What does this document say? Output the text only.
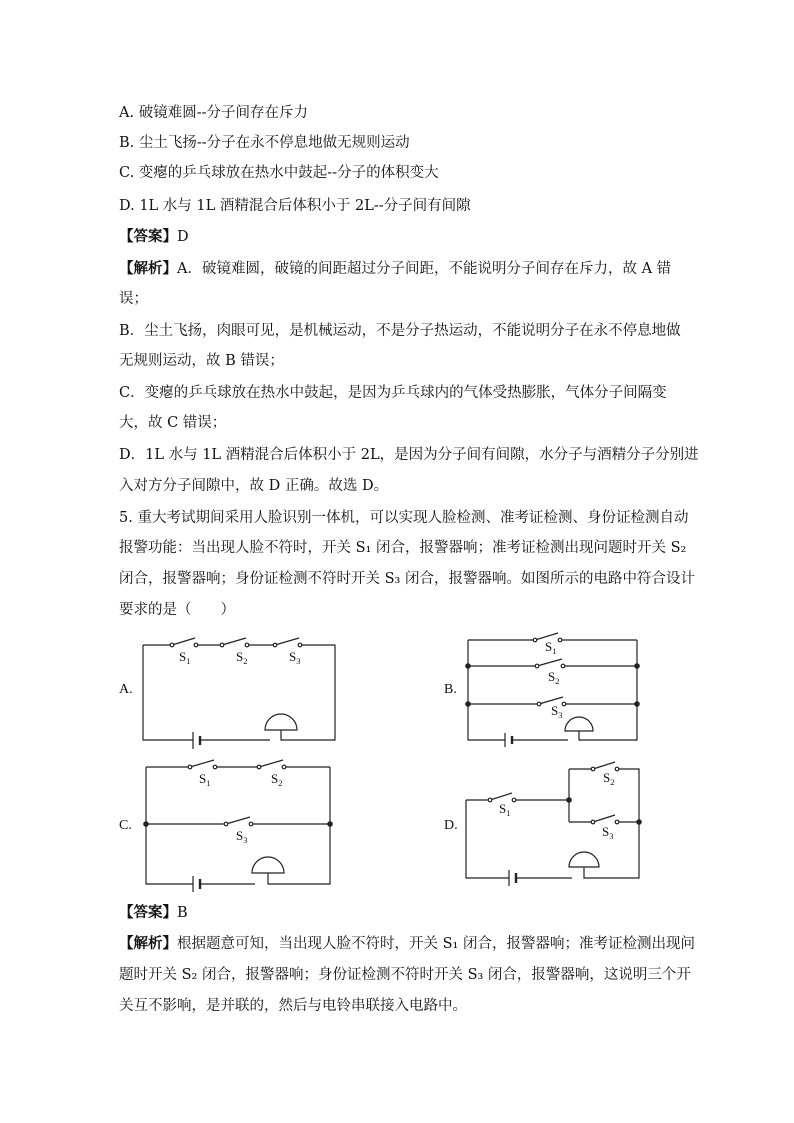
A. 破镜难圆--分子间存在斥力
B. 尘土飞扬--分子在永不停息地做无规则运动
C. 变瘪的乒乓球放在热水中鼓起--分子的体积变大
D. 1L 水与 1L 酒精混合后体积小于 2L--分子间有间隙
【答案】D
【解析】A．破镜难圆，破镜的间距超过分子间距，不能说明分子间存在斥力，故 A 错
误；
B．尘土飞扬，肉眼可见，是机械运动，不是分子热运动，不能说明分子在永不停息地做
无规则运动，故 B 错误；
C．变瘪的乒乓球放在热水中鼓起，是因为乒乓球内的气体受热膨胀，气体分子间隔变
大，故 C 错误；
D．1L 水与 1L 酒精混合后体积小于 2L，是因为分子间有间隙，水分子与酒精分子分别进
入对方分子间隙中，故 D 正确。故选 D。
5. 重大考试期间采用人脸识别一体机，可以实现人脸检测、准考证检测、身份证检测自动
报警功能：当出现人脸不符时，开关 S₁ 闭合，报警器响；准考证检测出现问题时开关 S₂
闭合，报警器响；身份证检测不符时开关 S₃ 闭合，报警器响。如图所示的电路中符合设计
要求的是（　　）
$S_1$	$S_2$	$S_3$
$S_1$
$S_2$
$S_3$
$S_1$	$S_2$
$S_3$
$S_1$
$S_2$
$S_3$
A.	B.
C.	D.
【答案】B
【解析】根据题意可知，当出现人脸不符时，开关 S₁ 闭合，报警器响；准考证检测出现问
题时开关 S₂ 闭合，报警器响；身份证检测不符时开关 S₃ 闭合，报警器响，这说明三个开
关互不影响，是并联的，然后与电铃串联接入电路中。
